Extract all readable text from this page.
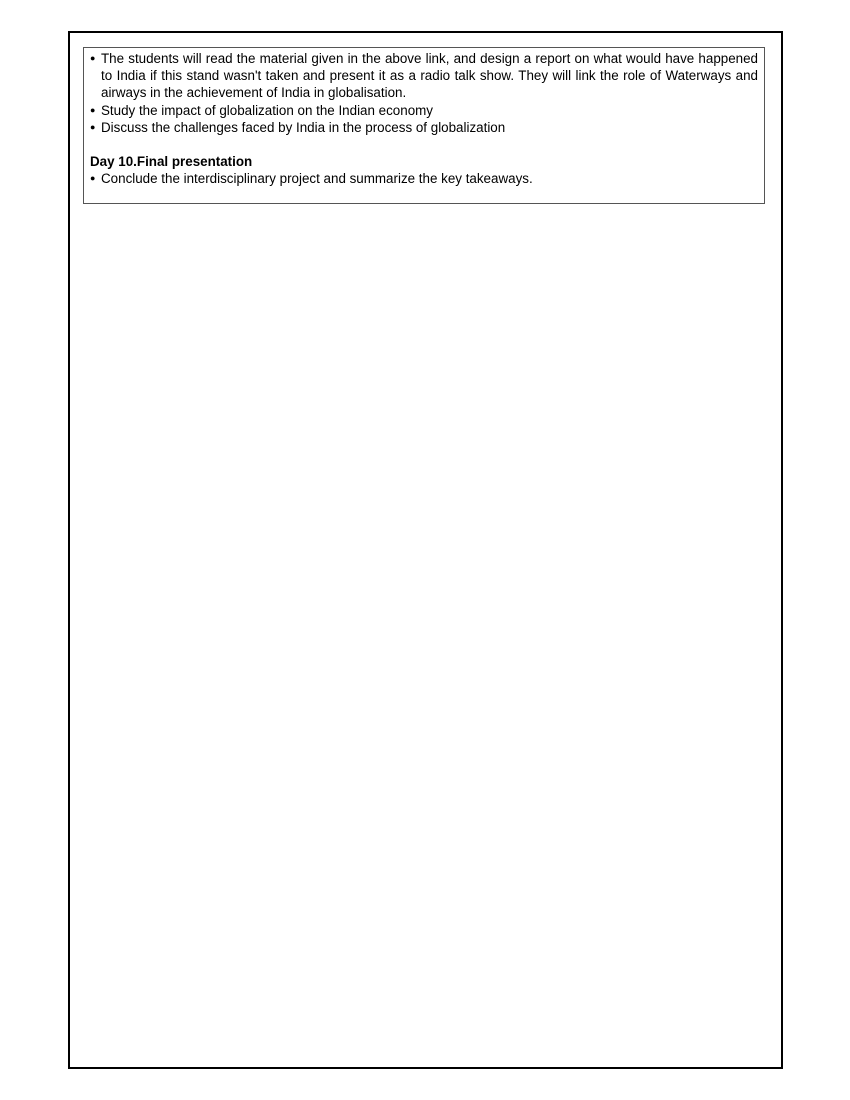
● The students will read the material given in the above link, and design a report on what would have happened to India if this stand wasn't taken and present it as a radio talk show. They will link the role of Waterways and airways in the achievement of India in globalisation.
● Study the impact of globalization on the Indian economy
● Discuss the challenges faced by India in the process of globalization
Day 10.Final presentation
● Conclude the interdisciplinary project and summarize the key takeaways.
